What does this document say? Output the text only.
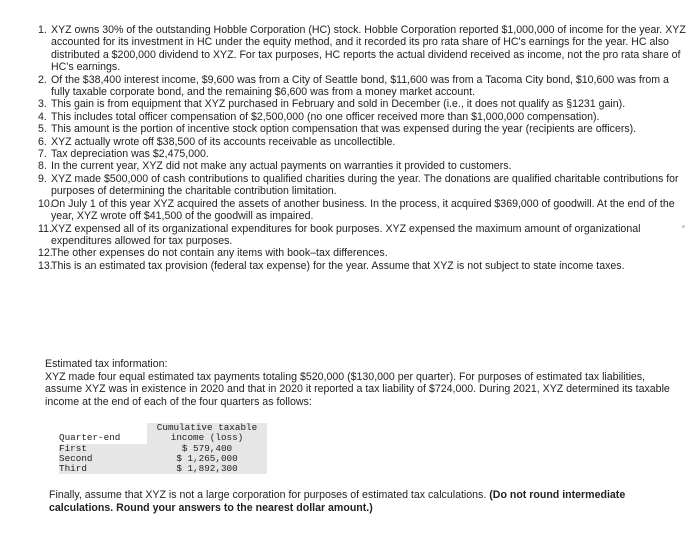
1. XYZ owns 30% of the outstanding Hobble Corporation (HC) stock. Hobble Corporation reported $1,000,000 of income for the year. XYZ accounted for its investment in HC under the equity method, and it recorded its pro rata share of HC's earnings for the year. HC also distributed a $200,000 dividend to XYZ. For tax purposes, HC reports the actual dividend received as income, not the pro rata share of HC's earnings.
2. Of the $38,400 interest income, $9,600 was from a City of Seattle bond, $11,600 was from a Tacoma City bond, $10,600 was from a fully taxable corporate bond, and the remaining $6,600 was from a money market account.
3. This gain is from equipment that XYZ purchased in February and sold in December (i.e., it does not qualify as §1231 gain).
4. This includes total officer compensation of $2,500,000 (no one officer received more than $1,000,000 compensation).
5. This amount is the portion of incentive stock option compensation that was expensed during the year (recipients are officers).
6. XYZ actually wrote off $38,500 of its accounts receivable as uncollectible.
7. Tax depreciation was $2,475,000.
8. In the current year, XYZ did not make any actual payments on warranties it provided to customers.
9. XYZ made $500,000 of cash contributions to qualified charities during the year. The donations are qualified charitable contributions for purposes of determining the charitable contribution limitation.
10.
On July 1 of this year XYZ acquired the assets of another business. In the process, it acquired $369,000 of goodwill. At the end of the year, XYZ wrote off $41,500 of the goodwill as impaired.
11. XYZ expensed all of its organizational expenditures for book purposes. XYZ expensed the maximum amount of organizational expenditures allowed for tax purposes.
12.
The other expenses do not contain any items with book–tax differences.
13.
This is an estimated tax provision (federal tax expense) for the year. Assume that XYZ is not subject to state income taxes.

Estimated tax information:

XYZ made four equal estimated tax payments totaling $520,000 ($130,000 per quarter). For purposes of estimated tax liabilities, assume XYZ was in existence in 2020 and that in 2020 it reported a tax liability of $724,000. During 2021, XYZ determined its taxable income at the end of each of the four quarters as follows:

Quarter-end	Cumulative taxable
income (loss)
First	$ 579,400
Second	$ 1,265,000
Third	$ 1,892,300
Finally, assume that XYZ is not a large corporation for purposes of estimated tax calculations. (Do not round intermediate calculations. Round your answers to the nearest dollar amount.)
